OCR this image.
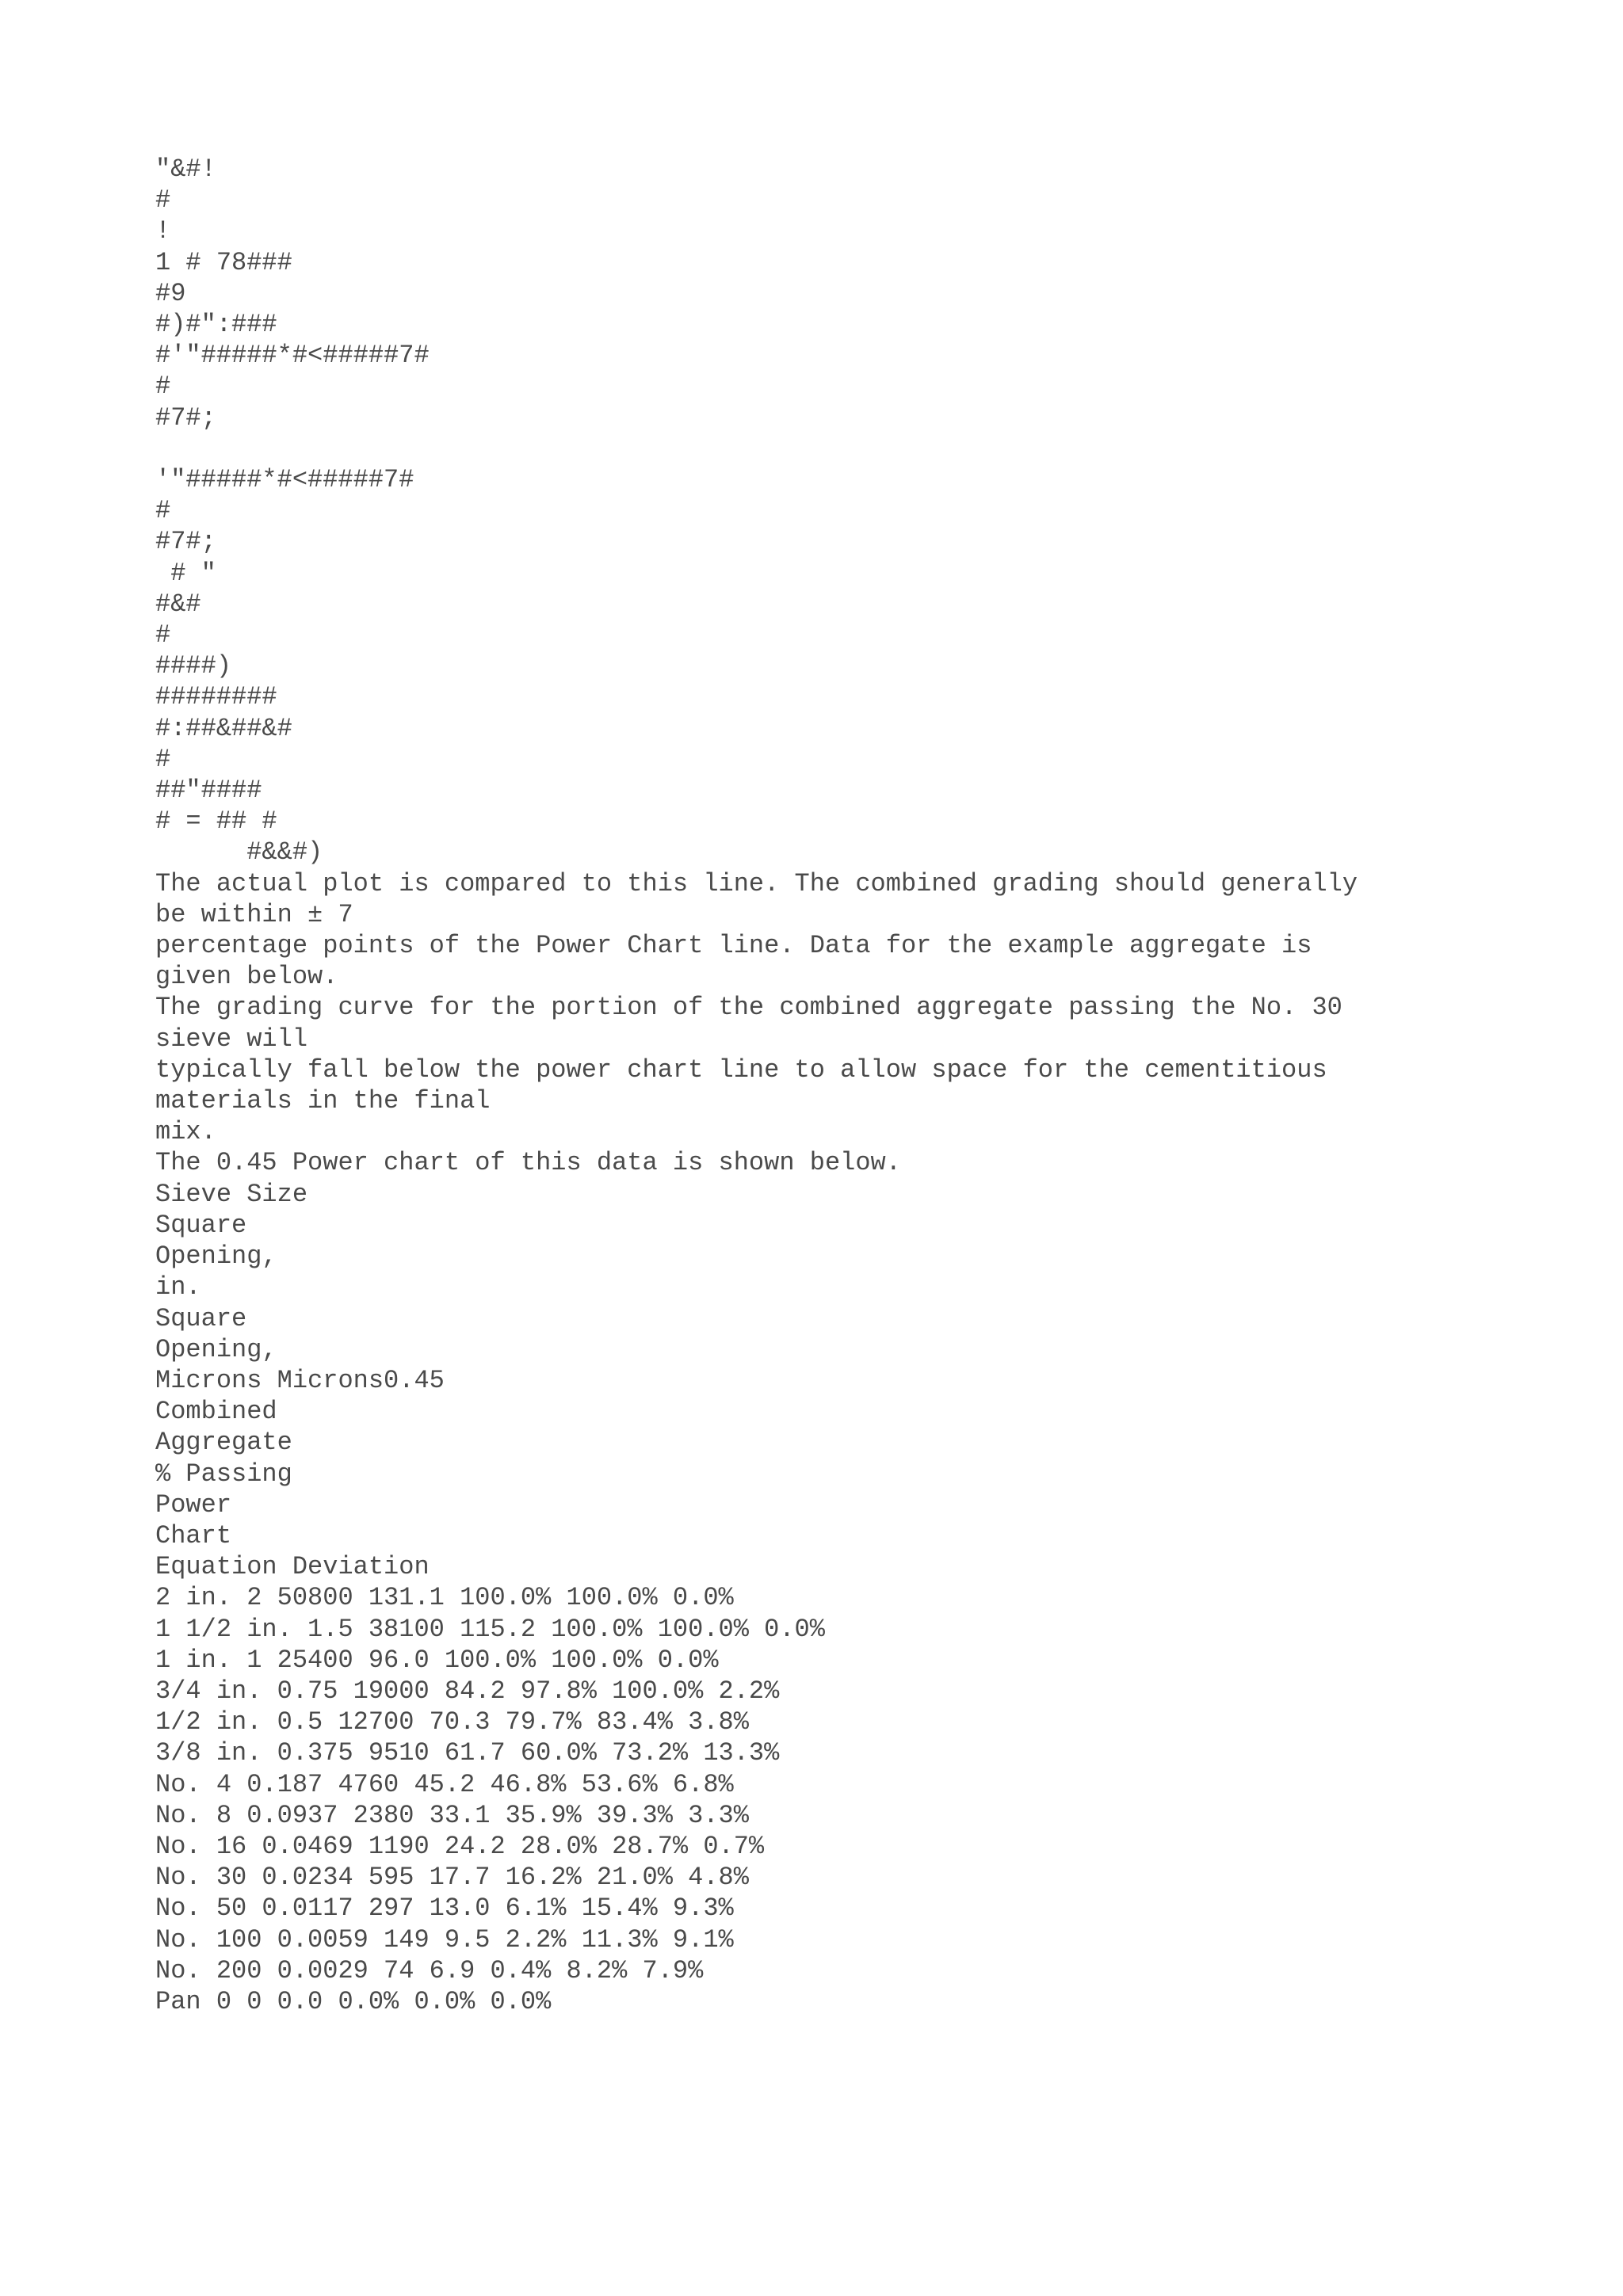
"&#!
#
!
1 # 78###
#9
#)#":###
#'"#####*#<#####7#
#
#7#;
'"#####*#<#####7#
#
#7#;
# "
#&#
#
####)
########
#:##&##&#
#
##"####
# = ## #
#&&#)
The actual plot is compared to this line. The combined grading should generally
be within ± 7
percentage points of the Power Chart line. Data for the example aggregate is
given below.
The grading curve for the portion of the combined aggregate passing the No. 30
sieve will
typically fall below the power chart line to allow space for the cementitious
materials in the final
mix.
The 0.45 Power chart of this data is shown below.
Sieve Size
Square
Opening,
in.
Square
Opening,
Microns Microns0.45
Combined
Aggregate
% Passing
Power
Chart
Equation Deviation
2 in. 2 50800 131.1 100.0% 100.0% 0.0%
1 1/2 in. 1.5 38100 115.2 100.0% 100.0% 0.0%
1 in. 1 25400 96.0 100.0% 100.0% 0.0%
3/4 in. 0.75 19000 84.2 97.8% 100.0% 2.2%
1/2 in. 0.5 12700 70.3 79.7% 83.4% 3.8%
3/8 in. 0.375 9510 61.7 60.0% 73.2% 13.3%
No. 4 0.187 4760 45.2 46.8% 53.6% 6.8%
No. 8 0.0937 2380 33.1 35.9% 39.3% 3.3%
No. 16 0.0469 1190 24.2 28.0% 28.7% 0.7%
No. 30 0.0234 595 17.7 16.2% 21.0% 4.8%
No. 50 0.0117 297 13.0 6.1% 15.4% 9.3%
No. 100 0.0059 149 9.5 2.2% 11.3% 9.1%
No. 200 0.0029 74 6.9 0.4% 8.2% 7.9%
Pan 0 0 0.0 0.0% 0.0% 0.0%
